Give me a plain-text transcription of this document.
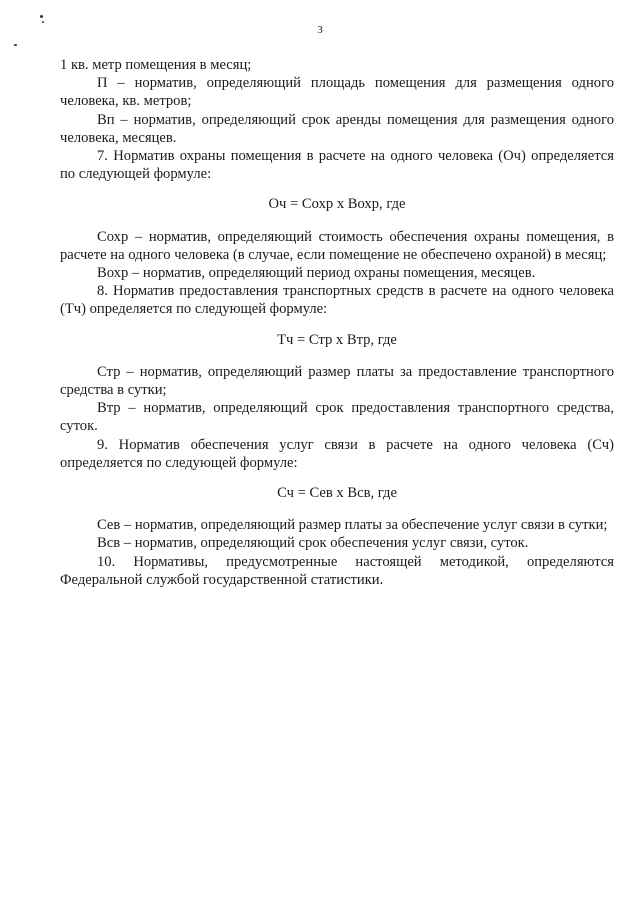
3

1 кв. метр помещения в месяц;

П – норматив, определяющий площадь помещения для размещения одного человека, кв. метров;

Вп – норматив, определяющий срок аренды помещения для размещения одного человека, месяцев.

7. Норматив охраны помещения в расчете на одного человека (Оч) определяется по следующей формуле:

Оч = Сохр x Вохр, где

Сохр – норматив, определяющий стоимость обеспечения охраны помещения, в расчете на одного человека (в случае, если помещение не обеспечено охраной) в месяц;

Вохр – норматив, определяющий период охраны помещения, месяцев.

8. Норматив предоставления транспортных средств в расчете на одного человека (Тч) определяется по следующей формуле:

Тч = Стр x Втр, где

Стр – норматив, определяющий размер платы за предоставление транспортного средства в сутки;

Втр – норматив, определяющий срок предоставления транспортного средства, суток.

9. Норматив обеспечения услуг связи в расчете на одного человека (Сч) определяется по следующей формуле:

Сч = Сев x Всв, где

Сев – норматив, определяющий размер платы за обеспечение услуг связи в сутки;

Всв – норматив, определяющий срок обеспечения услуг связи, суток.

10. Нормативы, предусмотренные настоящей методикой, определяются Федеральной службой государственной статистики.
